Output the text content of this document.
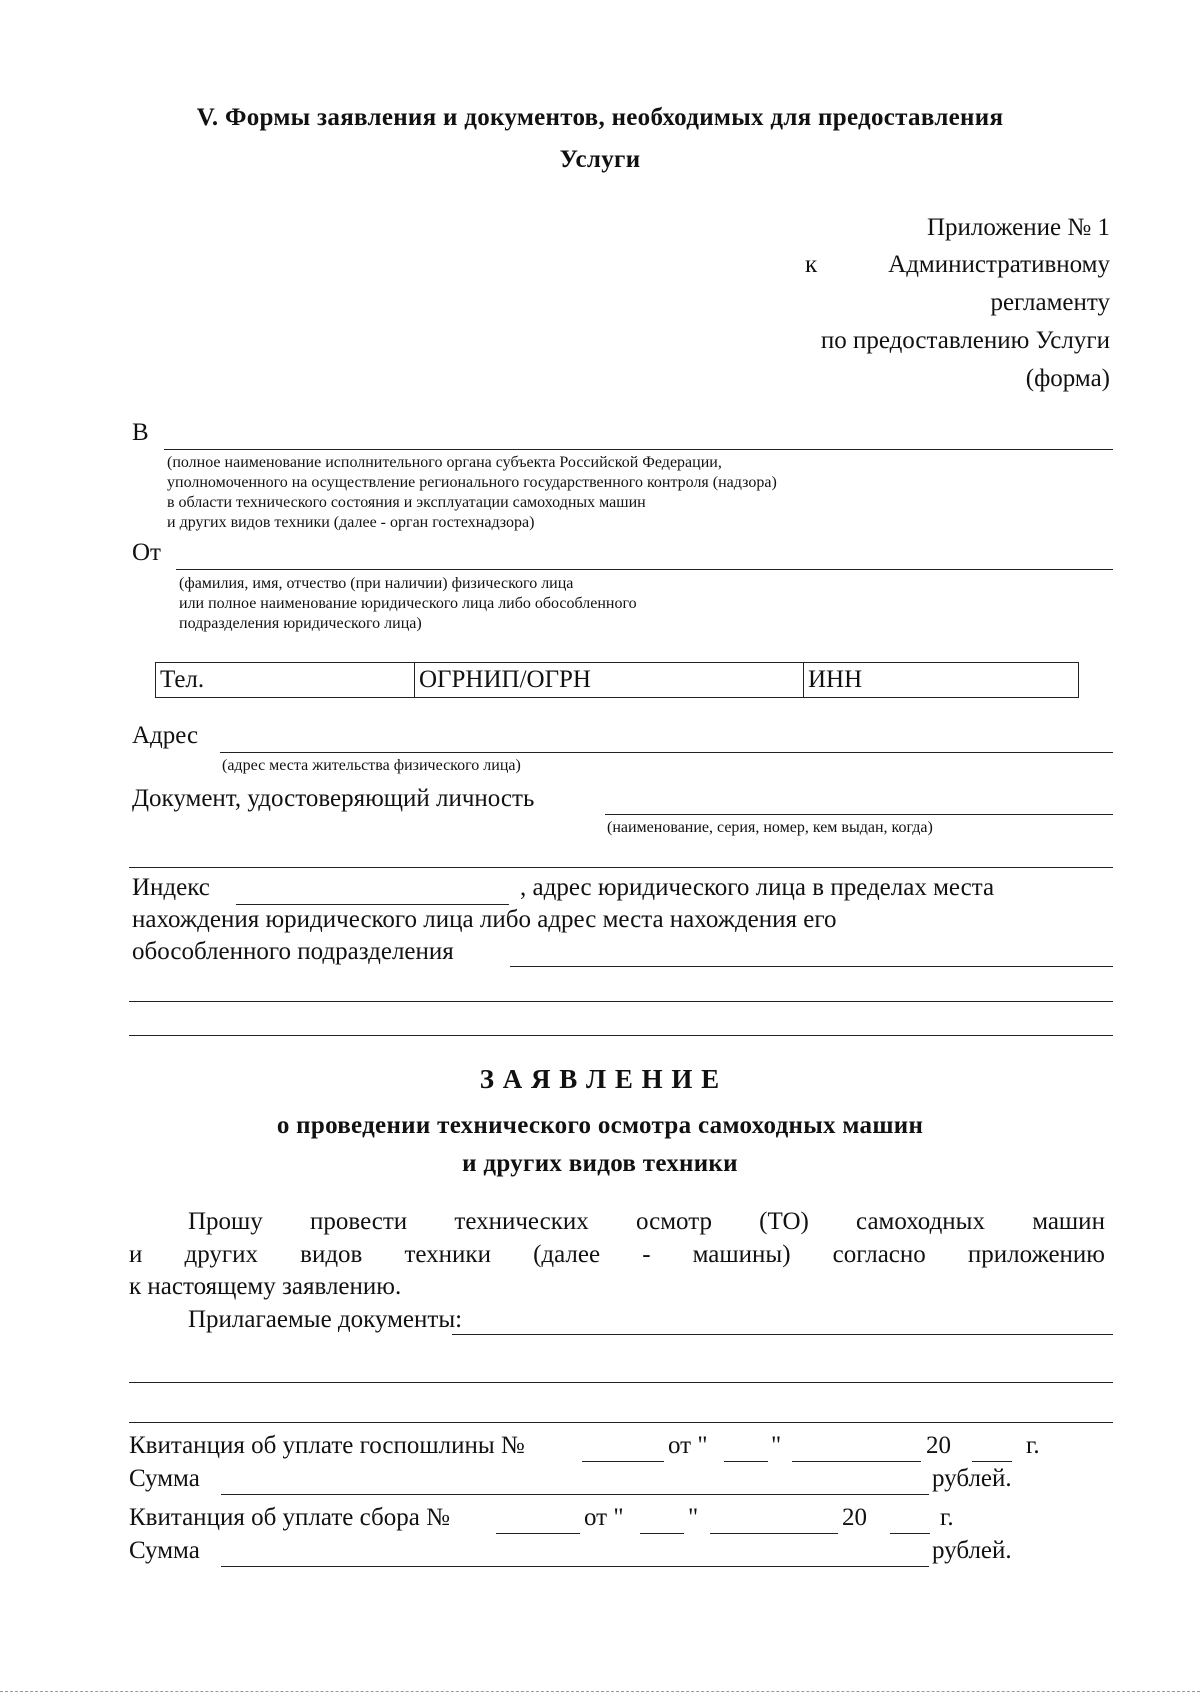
V. Формы заявления и документов, необходимых для предоставления
Услуги
Приложение № 1
к	Административному
регламенту
по предоставлению Услуги
(форма)
В
(полное наименование исполнительного органа субъекта Российской Федерации,
уполномоченного на осуществление регионального государственного контроля (надзора)
в области технического состояния и эксплуатации самоходных машин
и других видов техники (далее - орган гостехнадзора)
От
(фамилия, имя, отчество (при наличии) физического лица
или полное наименование юридического лица либо обособленного
подразделения юридического лица)
Тел.	ОГРНИП/ОГРН	ИНН
Адрес
(адрес места жительства физического лица)
Документ, удостоверяющий личность
(наименование, серия, номер, кем выдан, когда)
Индекс	, адрес юридического лица в пределах места
нахождения юридического лица либо адрес места нахождения его
обособленного подразделения
З А Я В Л Е Н И Е
о проведении технического осмотра самоходных машин
и других видов техники
Прошу провести технических осмотр (ТО) самоходных машин
и других видов техники (далее - машины) согласно приложению
к настоящему заявлению.
Прилагаемые документы:
Квитанция об уплате госпошлины №	от "	"	20	г.
Сумма	рублей.
Квитанция об уплате сбора №	от "	"	20	г.
Сумма	рублей.
